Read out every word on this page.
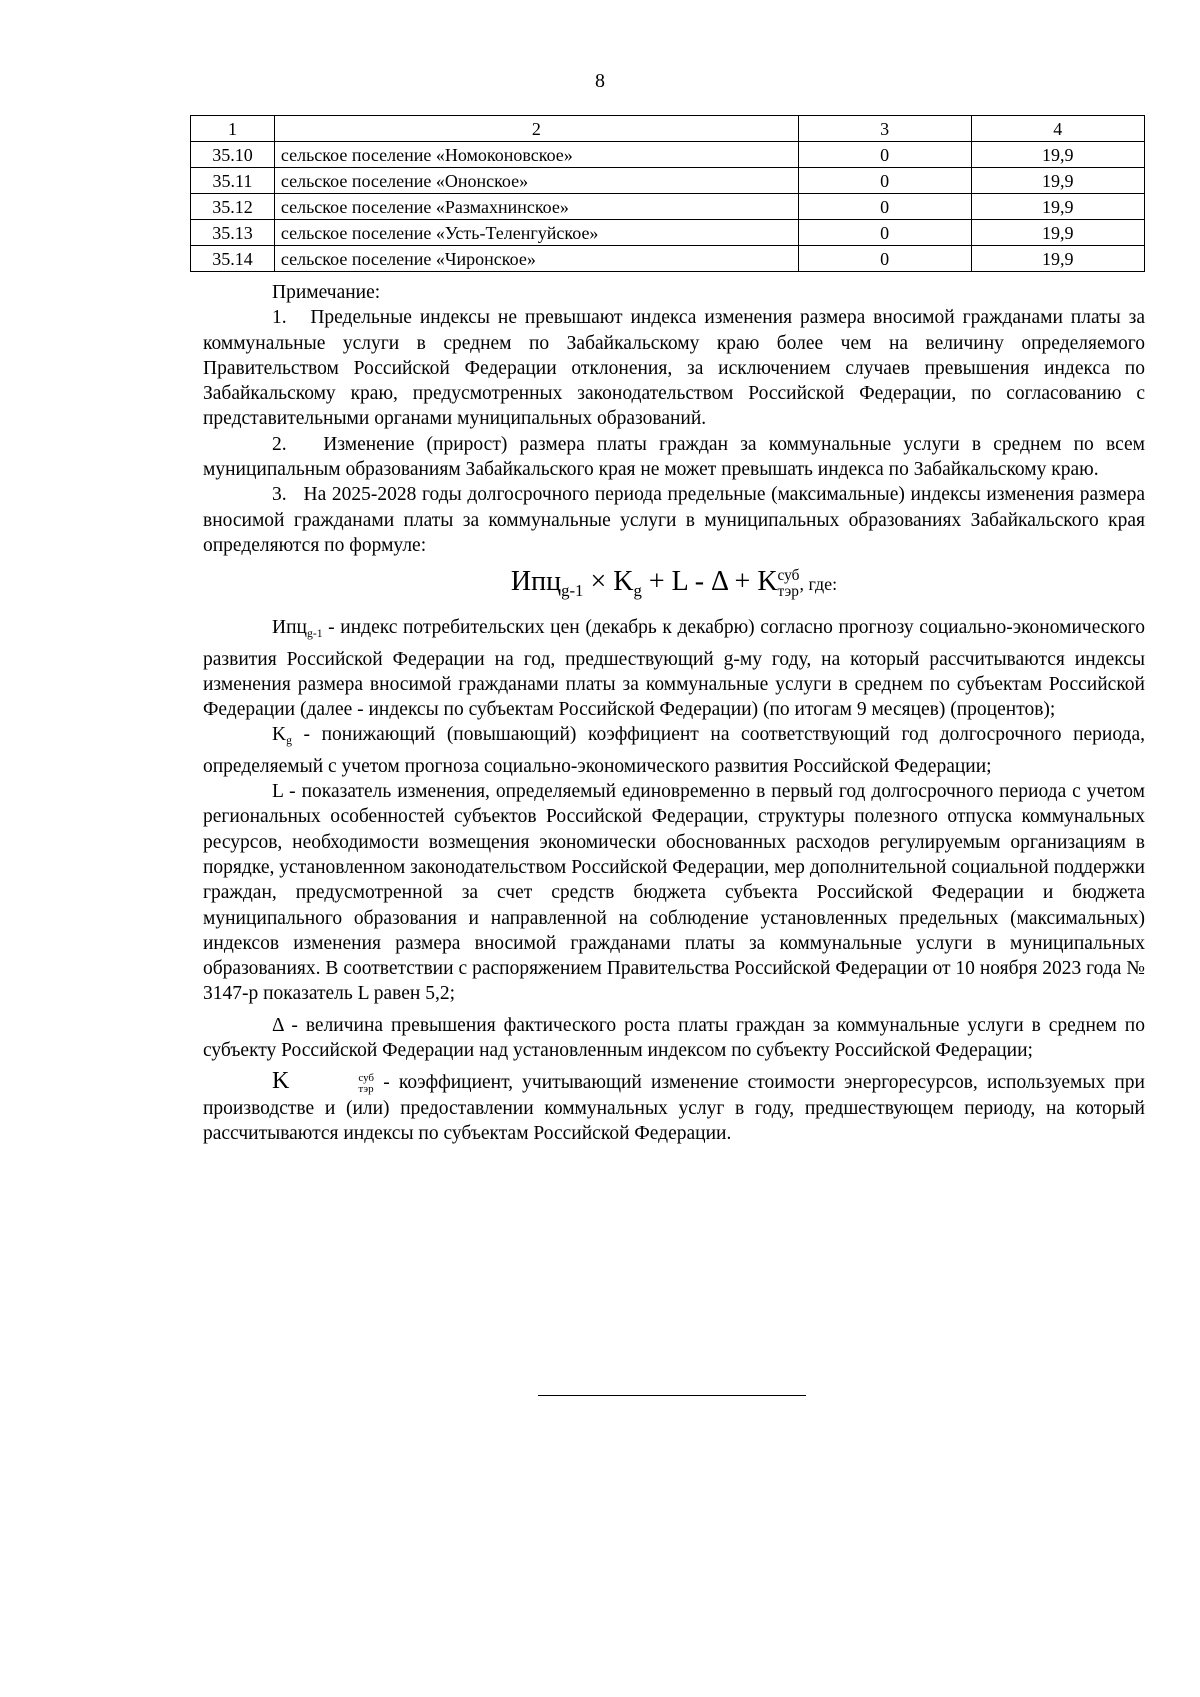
8
1	2	3	4
35.10	сельское поселение «Номоконовское»	0	19,9
35.11	сельское поселение «Ононское»	0	19,9
35.12	сельское поселение «Размахнинское»	0	19,9
35.13	сельское поселение «Усть-Теленгуйское»	0	19,9
35.14	сельское поселение «Чиронское»	0	19,9

Примечание:

1.   Предельные индексы не превышают индекса изменения размера вносимой гражданами платы за коммунальные услуги в среднем по Забайкальскому краю более чем на величину определяемого Правительством Российской Федерации отклонения, за исключением случаев превышения индекса по Забайкальскому краю, предусмотренных законодательством Российской Федерации, по согласованию с представительными органами муниципальных образований.

2.   Изменение (прирост) размера платы граждан за коммунальные услуги в среднем по всем муниципальным образованиям Забайкальского края не может превышать индекса по Забайкальскому краю.

3.   На 2025-2028 годы долгосрочного периода предельные (максимальные) индексы изменения размера вносимой гражданами платы за коммунальные услуги в муниципальных образованиях Забайкальского края определяются по формуле:

$Ипц_{g-1} \times K_g + L - \Delta + K$ суб
тэр , где:

Ипц$_{g-1}$ - индекс потребительских цен (декабрь к декабрю) согласно прогнозу социально-экономического развития Российской Федерации на год, предшествующий g-му году, на который рассчитываются индексы изменения размера вносимой гражданами платы за коммунальные услуги в среднем по субъектам Российской Федерации (далее - индексы по субъектам Российской Федерации) (по итогам 9 месяцев) (процентов);

$K_g$ - понижающий (повышающий) коэффициент на соответствующий год долгосрочного периода, определяемый с учетом прогноза социально-экономического развития Российской Федерации;

L - показатель изменения, определяемый единовременно в первый год долгосрочного периода с учетом региональных особенностей субъектов Российской Федерации, структуры полезного отпуска коммунальных ресурсов, необходимости возмещения экономически обоснованных расходов регулируемым организациям в порядке, установленном законодательством Российской Федерации, мер дополнительной социальной поддержки граждан, предусмотренной за счет средств бюджета субъекта Российской Федерации и бюджета муниципального образования и направленной на соблюдение установленных предельных (максимальных) индексов изменения размера вносимой гражданами платы за коммунальные услуги в муниципальных образованиях. В соответствии с распоряжением Правительства Российской Федерации от 10 ноября 2023 года № 3147-р показатель L равен 5,2;

Δ - величина превышения фактического роста платы граждан за коммунальные услуги в среднем по субъекту Российской Федерации над установленным индексом по субъекту Российской Федерации;

K	суб
тэр - коэффициент, учитывающий изменение стоимости энергоресурсов, используемых при производстве и (или) предоставлении коммунальных услуг в году, предшествующем периоду, на который рассчитываются индексы по субъектам Российской Федерации.
